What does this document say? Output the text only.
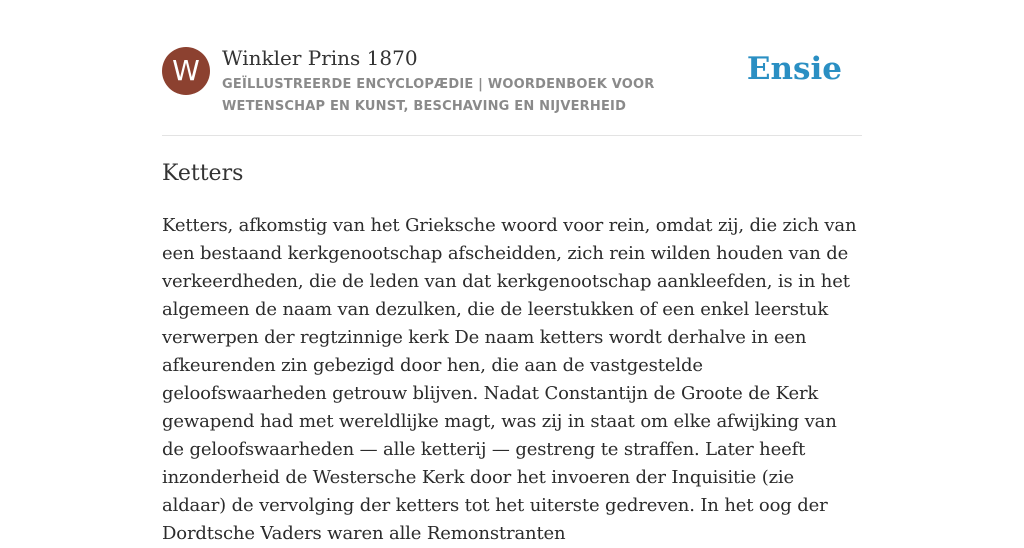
W	Winkler Prins 1870

GEÏLLUSTREERDE ENCYCLOPÆDIE | WOORDENBOEK VOOR WETENSCHAP EN KUNST, BESCHAVING EN NIJVERHEID

Ensie
Ketters

Ketters, afkomstig van het Grieksche woord voor rein, omdat zij, die zich van een bestaand kerkgenootschap afscheidden, zich rein wilden houden van de verkeerdheden, die de leden van dat kerkgenootschap aankleefden, is in het algemeen de naam van dezulken, die de leerstukken of een enkel leerstuk verwerpen der regtzinnige kerk De naam ketters wordt derhalve in een afkeurenden zin gebezigd door hen, die aan de vastgestelde geloofswaarheden getrouw blijven. Nadat Constantijn de Groote de Kerk gewapend had met wereldlijke magt, was zij in staat om elke afwijking van de geloofswaarheden — alle ketterij — gestreng te straffen. Later heeft inzonderheid de Westersche Kerk door het invoeren der Inquisitie (zie aldaar) de vervolging der ketters tot het uiterste gedreven. In het oog der Dordtsche Vaders waren alle Remonstranten
